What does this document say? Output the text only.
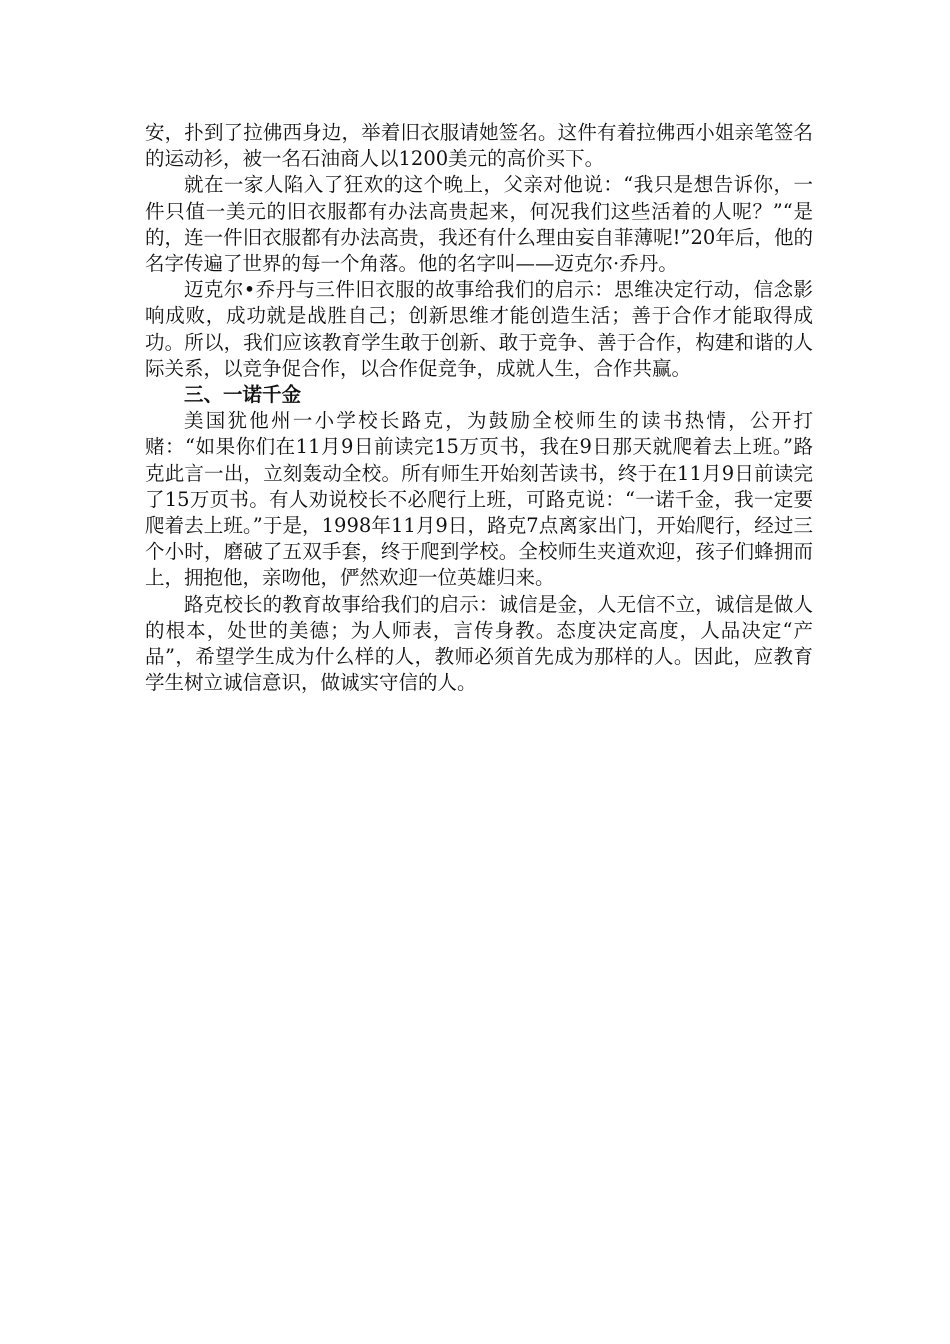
安，扑到了拉佛西身边，举着旧衣服请她签名。这件有着拉佛西小姐亲笔签名的运动衫，被一名石油商人以1200美元的高价买下。

就在一家人陷入了狂欢的这个晚上，父亲对他说：“我只是想告诉你，一件只值一美元的旧衣服都有办法高贵起来，何况我们这些活着的人呢？”“是的，连一件旧衣服都有办法高贵，我还有什么理由妄自菲薄呢!”20年后，他的名字传遍了世界的每一个角落。他的名字叫——迈克尔·乔丹。

迈克尔•乔丹与三件旧衣服的故事给我们的启示：思维决定行动，信念影响成败，成功就是战胜自己；创新思维才能创造生活；善于合作才能取得成功。所以，我们应该教育学生敢于创新、敢于竞争、善于合作，构建和谐的人际关系，以竞争促合作，以合作促竞争，成就人生，合作共赢。

三、一诺千金

美国犹他州一小学校长路克，为鼓励全校师生的读书热情，公开打赌：“如果你们在11月9日前读完15万页书，我在9日那天就爬着去上班。”路克此言一出，立刻轰动全校。所有师生开始刻苦读书，终于在11月9日前读完了15万页书。有人劝说校长不必爬行上班，可路克说：“一诺千金，我一定要爬着去上班。”于是，1998年11月9日，路克7点离家出门，开始爬行，经过三个小时，磨破了五双手套，终于爬到学校。全校师生夹道欢迎，孩子们蜂拥而上，拥抱他，亲吻他，俨然欢迎一位英雄归来。

路克校长的教育故事给我们的启示：诚信是金，人无信不立，诚信是做人的根本，处世的美德；为人师表，言传身教。态度决定高度，人品决定“产品”，希望学生成为什么样的人，教师必须首先成为那样的人。因此，应教育学生树立诚信意识，做诚实守信的人。
